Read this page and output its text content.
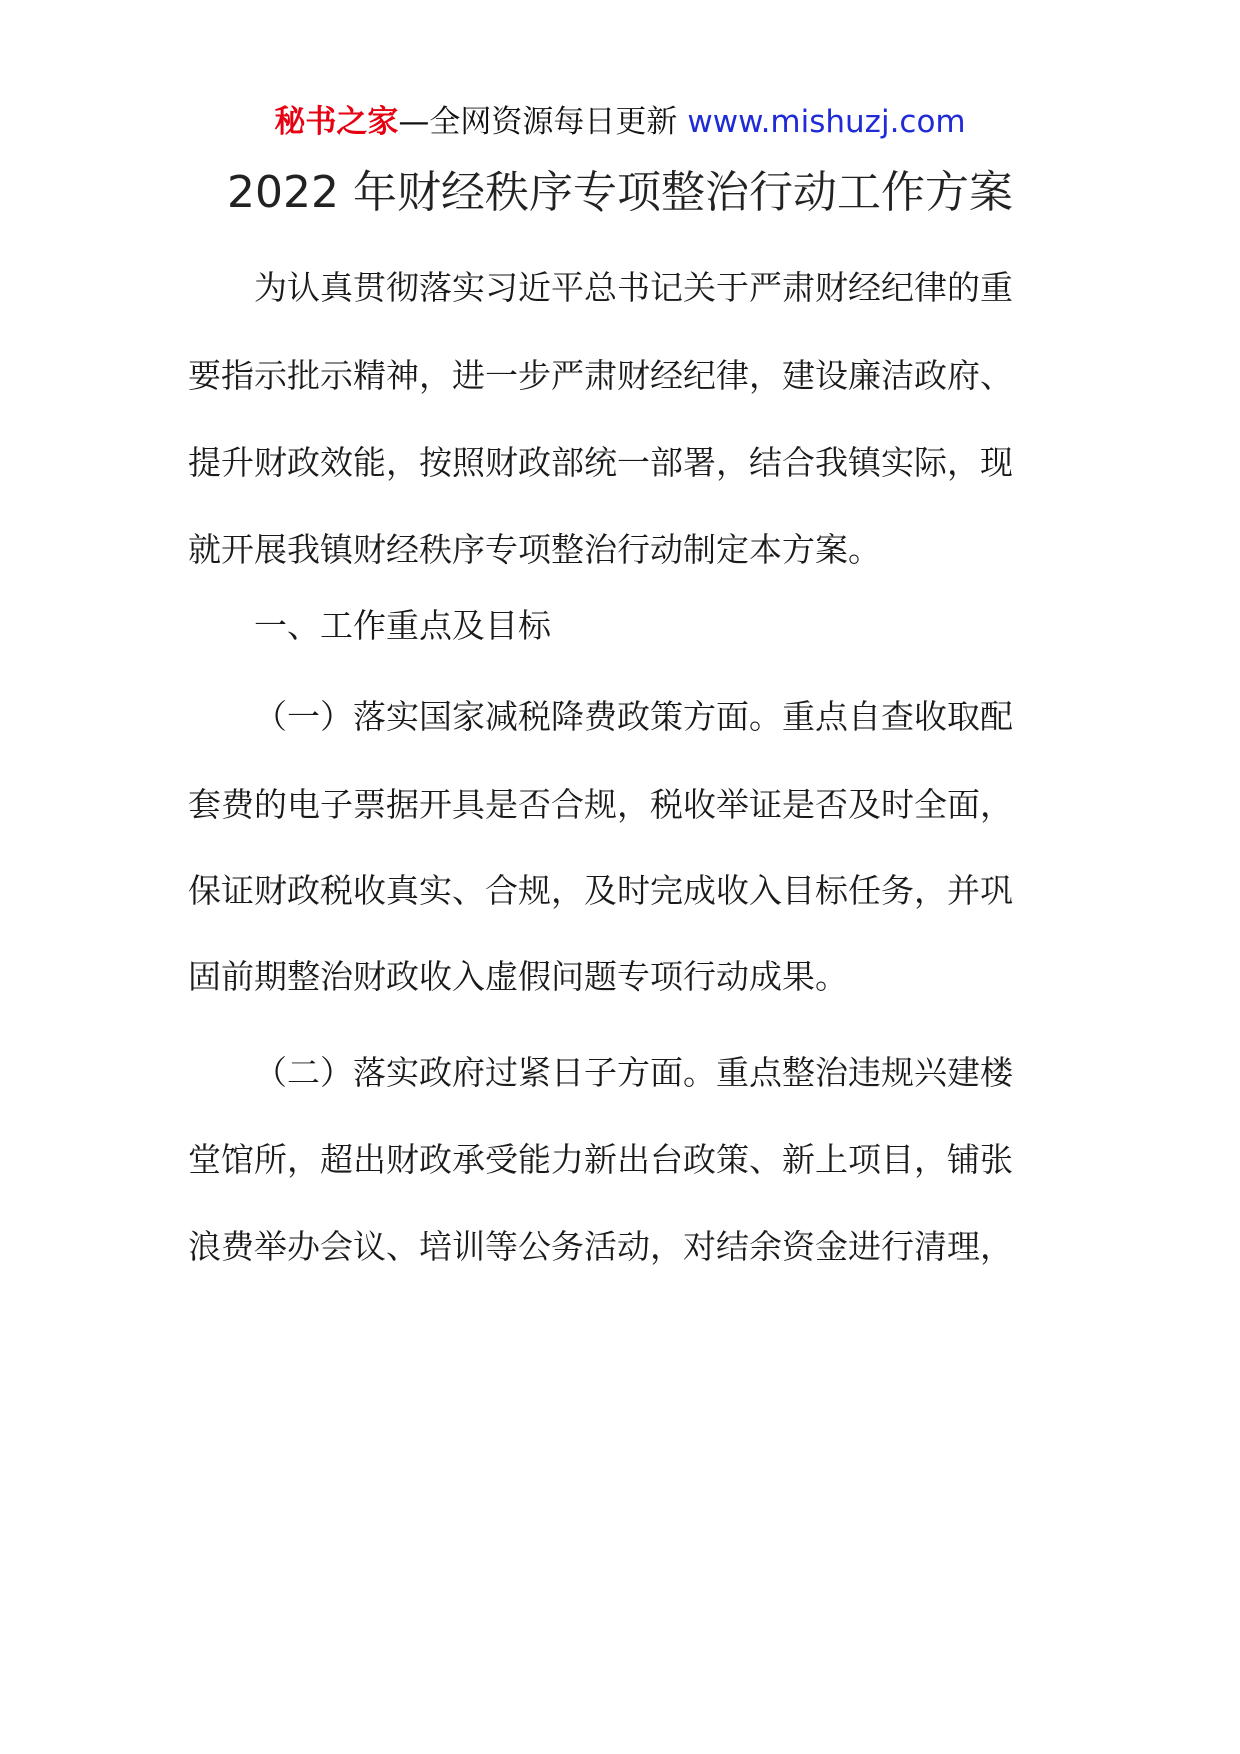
秘书之家—全网资源每日更新 www.mishuzj.com
2022 年财经秩序专项整治行动工作方案
为认真贯彻落实习近平总书记关于严肃财经纪律的重
要指示批示精神，进一步严肃财经纪律，建设廉洁政府、
提升财政效能，按照财政部统一部署，结合我镇实际，现
就开展我镇财经秩序专项整治行动制定本方案。
一、工作重点及目标
（一）落实国家减税降费政策方面。重点自查收取配
套费的电子票据开具是否合规，税收举证是否及时全面，
保证财政税收真实、合规，及时完成收入目标任务，并巩
固前期整治财政收入虚假问题专项行动成果。
（二）落实政府过紧日子方面。重点整治违规兴建楼
堂馆所，超出财政承受能力新出台政策、新上项目，铺张
浪费举办会议、培训等公务活动，对结余资金进行清理，
